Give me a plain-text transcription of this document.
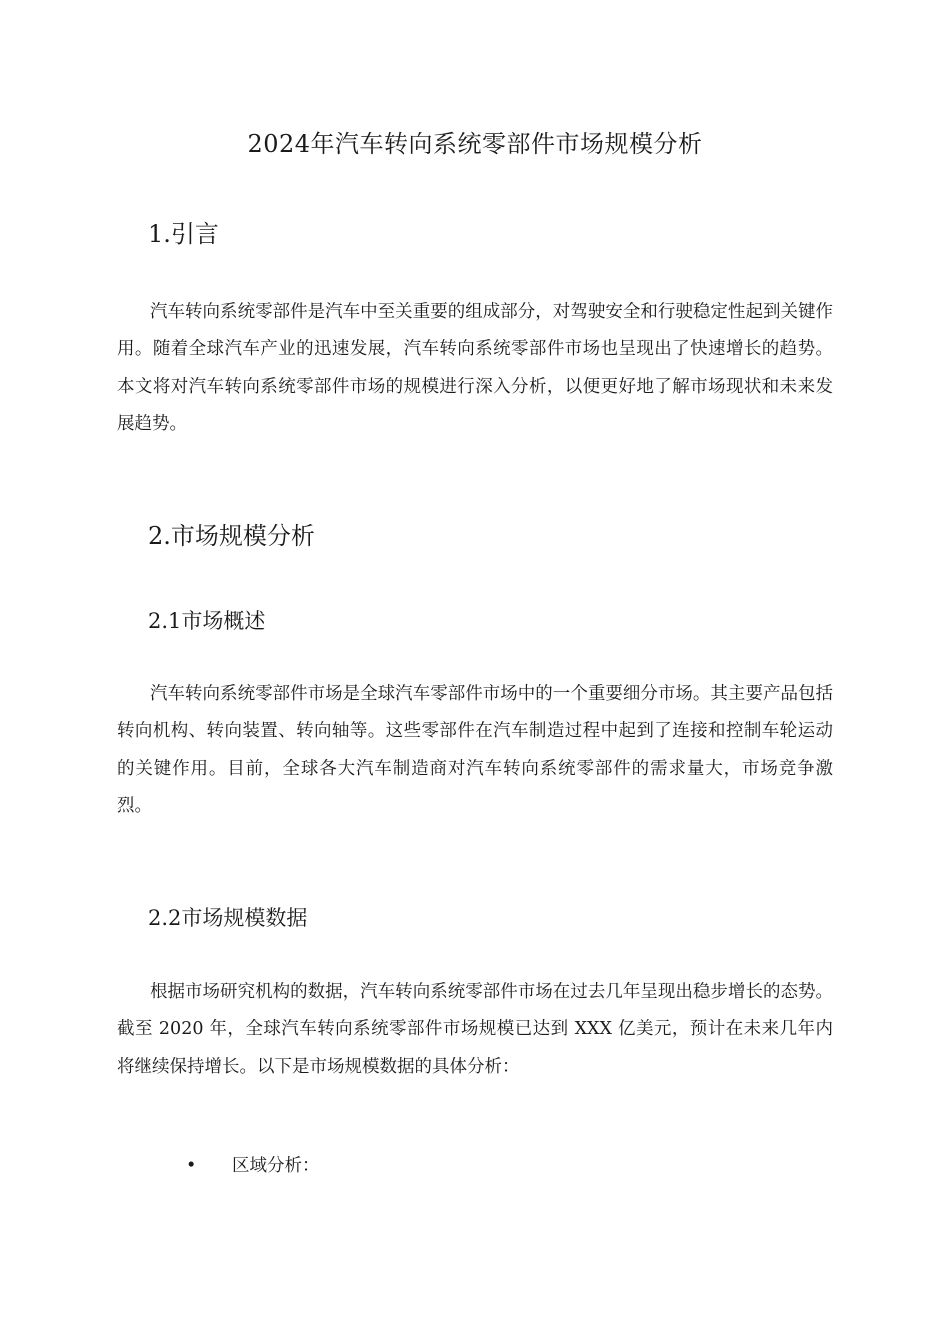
2024年汽车转向系统零部件市场规模分析
1.引言
汽车转向系统零部件是汽车中至关重要的组成部分，对驾驶安全和行驶稳定性起到关键作用。随着全球汽车产业的迅速发展，汽车转向系统零部件市场也呈现出了快速增长的趋势。本文将对汽车转向系统零部件市场的规模进行深入分析，以便更好地了解市场现状和未来发展趋势。
2.市场规模分析
2.1市场概述
汽车转向系统零部件市场是全球汽车零部件市场中的一个重要细分市场。其主要产品包括转向机构、转向装置、转向轴等。这些零部件在汽车制造过程中起到了连接和控制车轮运动的关键作用。目前，全球各大汽车制造商对汽车转向系统零部件的需求量大，市场竞争激烈。
2.2市场规模数据
根据市场研究机构的数据，汽车转向系统零部件市场在过去几年呈现出稳步增长的态势。截至 2020 年，全球汽车转向系统零部件市场规模已达到 XXX 亿美元，预计在未来几年内将继续保持增长。以下是市场规模数据的具体分析：
• 区域分析：
